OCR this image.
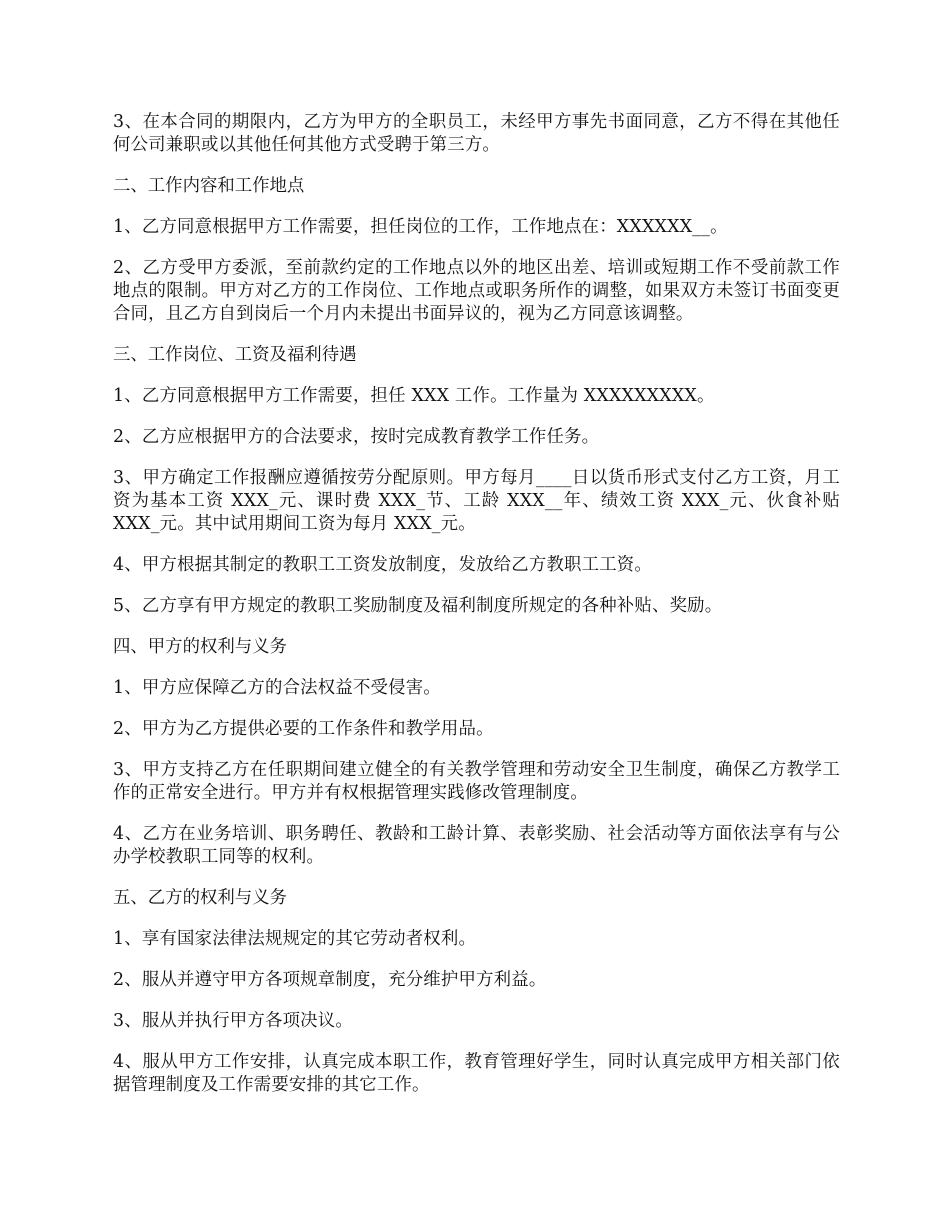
3、在本合同的期限内，乙方为甲方的全职员工，未经甲方事先书面同意，乙方不得在其他任何公司兼职或以其他任何其他方式受聘于第三方。

二、工作内容和工作地点

1、乙方同意根据甲方工作需要，担任岗位的工作，工作地点在：XXXXXX__。

2、乙方受甲方委派，至前款约定的工作地点以外的地区出差、培训或短期工作不受前款工作地点的限制。甲方对乙方的工作岗位、工作地点或职务所作的调整，如果双方未签订书面变更合同，且乙方自到岗后一个月内未提出书面异议的，视为乙方同意该调整。

三、工作岗位、工资及福利待遇

1、乙方同意根据甲方工作需要，担任 XXX 工作。工作量为 XXXXXXXXX。

2、乙方应根据甲方的合法要求，按时完成教育教学工作任务。

3、甲方确定工作报酬应遵循按劳分配原则。甲方每月____日以货币形式支付乙方工资，月工资为基本工资 XXX_元、课时费 XXX_节、工龄 XXX__年、绩效工资 XXX_元、伙食补贴 XXX_元。其中试用期间工资为每月 XXX_元。

4、甲方根据其制定的教职工工资发放制度，发放给乙方教职工工资。

5、乙方享有甲方规定的教职工奖励制度及福利制度所规定的各种补贴、奖励。

四、甲方的权利与义务

1、甲方应保障乙方的合法权益不受侵害。

2、甲方为乙方提供必要的工作条件和教学用品。

3、甲方支持乙方在任职期间建立健全的有关教学管理和劳动安全卫生制度，确保乙方教学工作的正常安全进行。甲方并有权根据管理实践修改管理制度。

4、乙方在业务培训、职务聘任、教龄和工龄计算、表彰奖励、社会活动等方面依法享有与公办学校教职工同等的权利。

五、乙方的权利与义务

1、享有国家法律法规规定的其它劳动者权利。

2、服从并遵守甲方各项规章制度，充分维护甲方利益。

3、服从并执行甲方各项决议。

4、服从甲方工作安排，认真完成本职工作，教育管理好学生，同时认真完成甲方相关部门依据管理制度及工作需要安排的其它工作。
